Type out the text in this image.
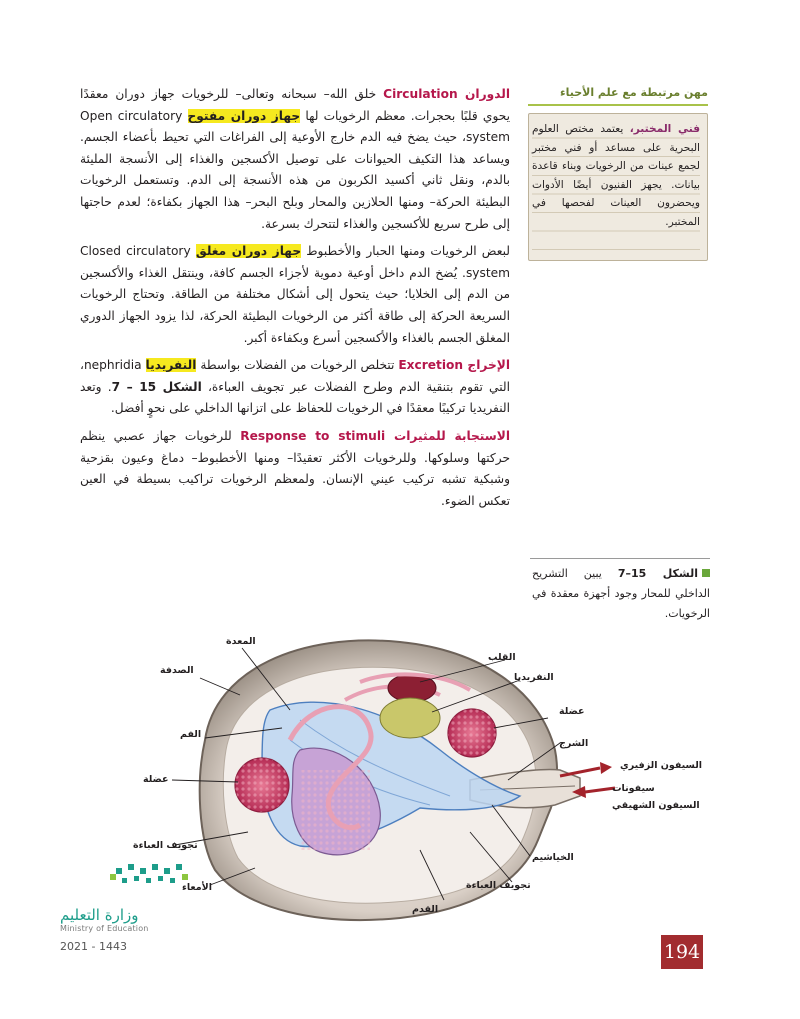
مهن مرتبطة مع علم الأحياء
فني المختبر، يعتمد مختص العلوم البحرية على مساعد أو فني مختبر لجمع عينات من الرخويات وبناء قاعدة بيانات. يجهز الفنيون أيضًا الأدوات ويحضرون العينات لفحصها في المختبر.

الدوران Circulation خلق الله– سبحانه وتعالى– للرخويات جهاز دوران معقدًا يحوي قلبًا بحجرات. معظم الرخويات لها جهاز دوران مفتوح Open circulatory system، حيث يضخ فيه الدم خارج الأوعية إلى الفراغات التي تحيط بأعضاء الجسم. ويساعد هذا التكيف الحيوانات على توصيل الأكسجين والغذاء إلى الأنسجة المليئة بالدم، ونقل ثاني أكسيد الكربون من هذه الأنسجة إلى الدم. وتستعمل الرخويات البطيئة الحركة– ومنها الحلازين والمحار وبلح البحر– هذا الجهاز بكفاءة؛ لعدم حاجتها إلى طرح سريع للأكسجين والغذاء لتتحرك بسرعة.

لبعض الرخويات ومنها الحبار والأخطبوط جهاز دوران مغلق Closed circulatory system. يُضخ الدم داخل أوعية دموية لأجزاء الجسم كافة، وينتقل الغذاء والأكسجين من الدم إلى الخلايا؛ حيث يتحول إلى أشكال مختلفة من الطاقة. وتحتاج الرخويات السريعة الحركة إلى طاقة أكثر من الرخويات البطيئة الحركة، لذا يزود الجهاز الدوري المغلق الجسم بالغذاء والأكسجين أسرع وبكفاءة أكبر.

الإخراج Excretion تتخلص الرخويات من الفضلات بواسطة النفريديا nephridia، التي تقوم بتنقية الدم وطرح الفضلات عبر تجويف العباءة، الشكل 15 – 7. وتعد النفريديا تركيبًا معقدًا في الرخويات للحفاظ على اتزانها الداخلي على نحوٍ أفضل.

الاستجابة للمثيرات Response to stimuli للرخويات جهاز عصبي ينظم حركتها وسلوكها. وللرخويات الأكثر تعقيدًا– ومنها الأخطبوط– دماغ وعيون بقزحية وشبكية تشبه تركيب عيني الإنسان. ولمعظم الرخويات تراكيب بسيطة في العين تعكس الضوء.

الشكل 15–7 يبين التشريح الداخلي للمحار وجود أجهزة معقدة في الرخويات.
المعدة
الصدفة
الفم
عضلة
تجويف العباءة
الأمعاء
القلب
النفريديا
عضلة
الشرج
السيفون الزفيري
سيفونات
السيفون الشهيقي
الخياشيم
تجويف العباءة
القدم
وزارة التعليم
Ministry of Education
2021 - 1443	194
